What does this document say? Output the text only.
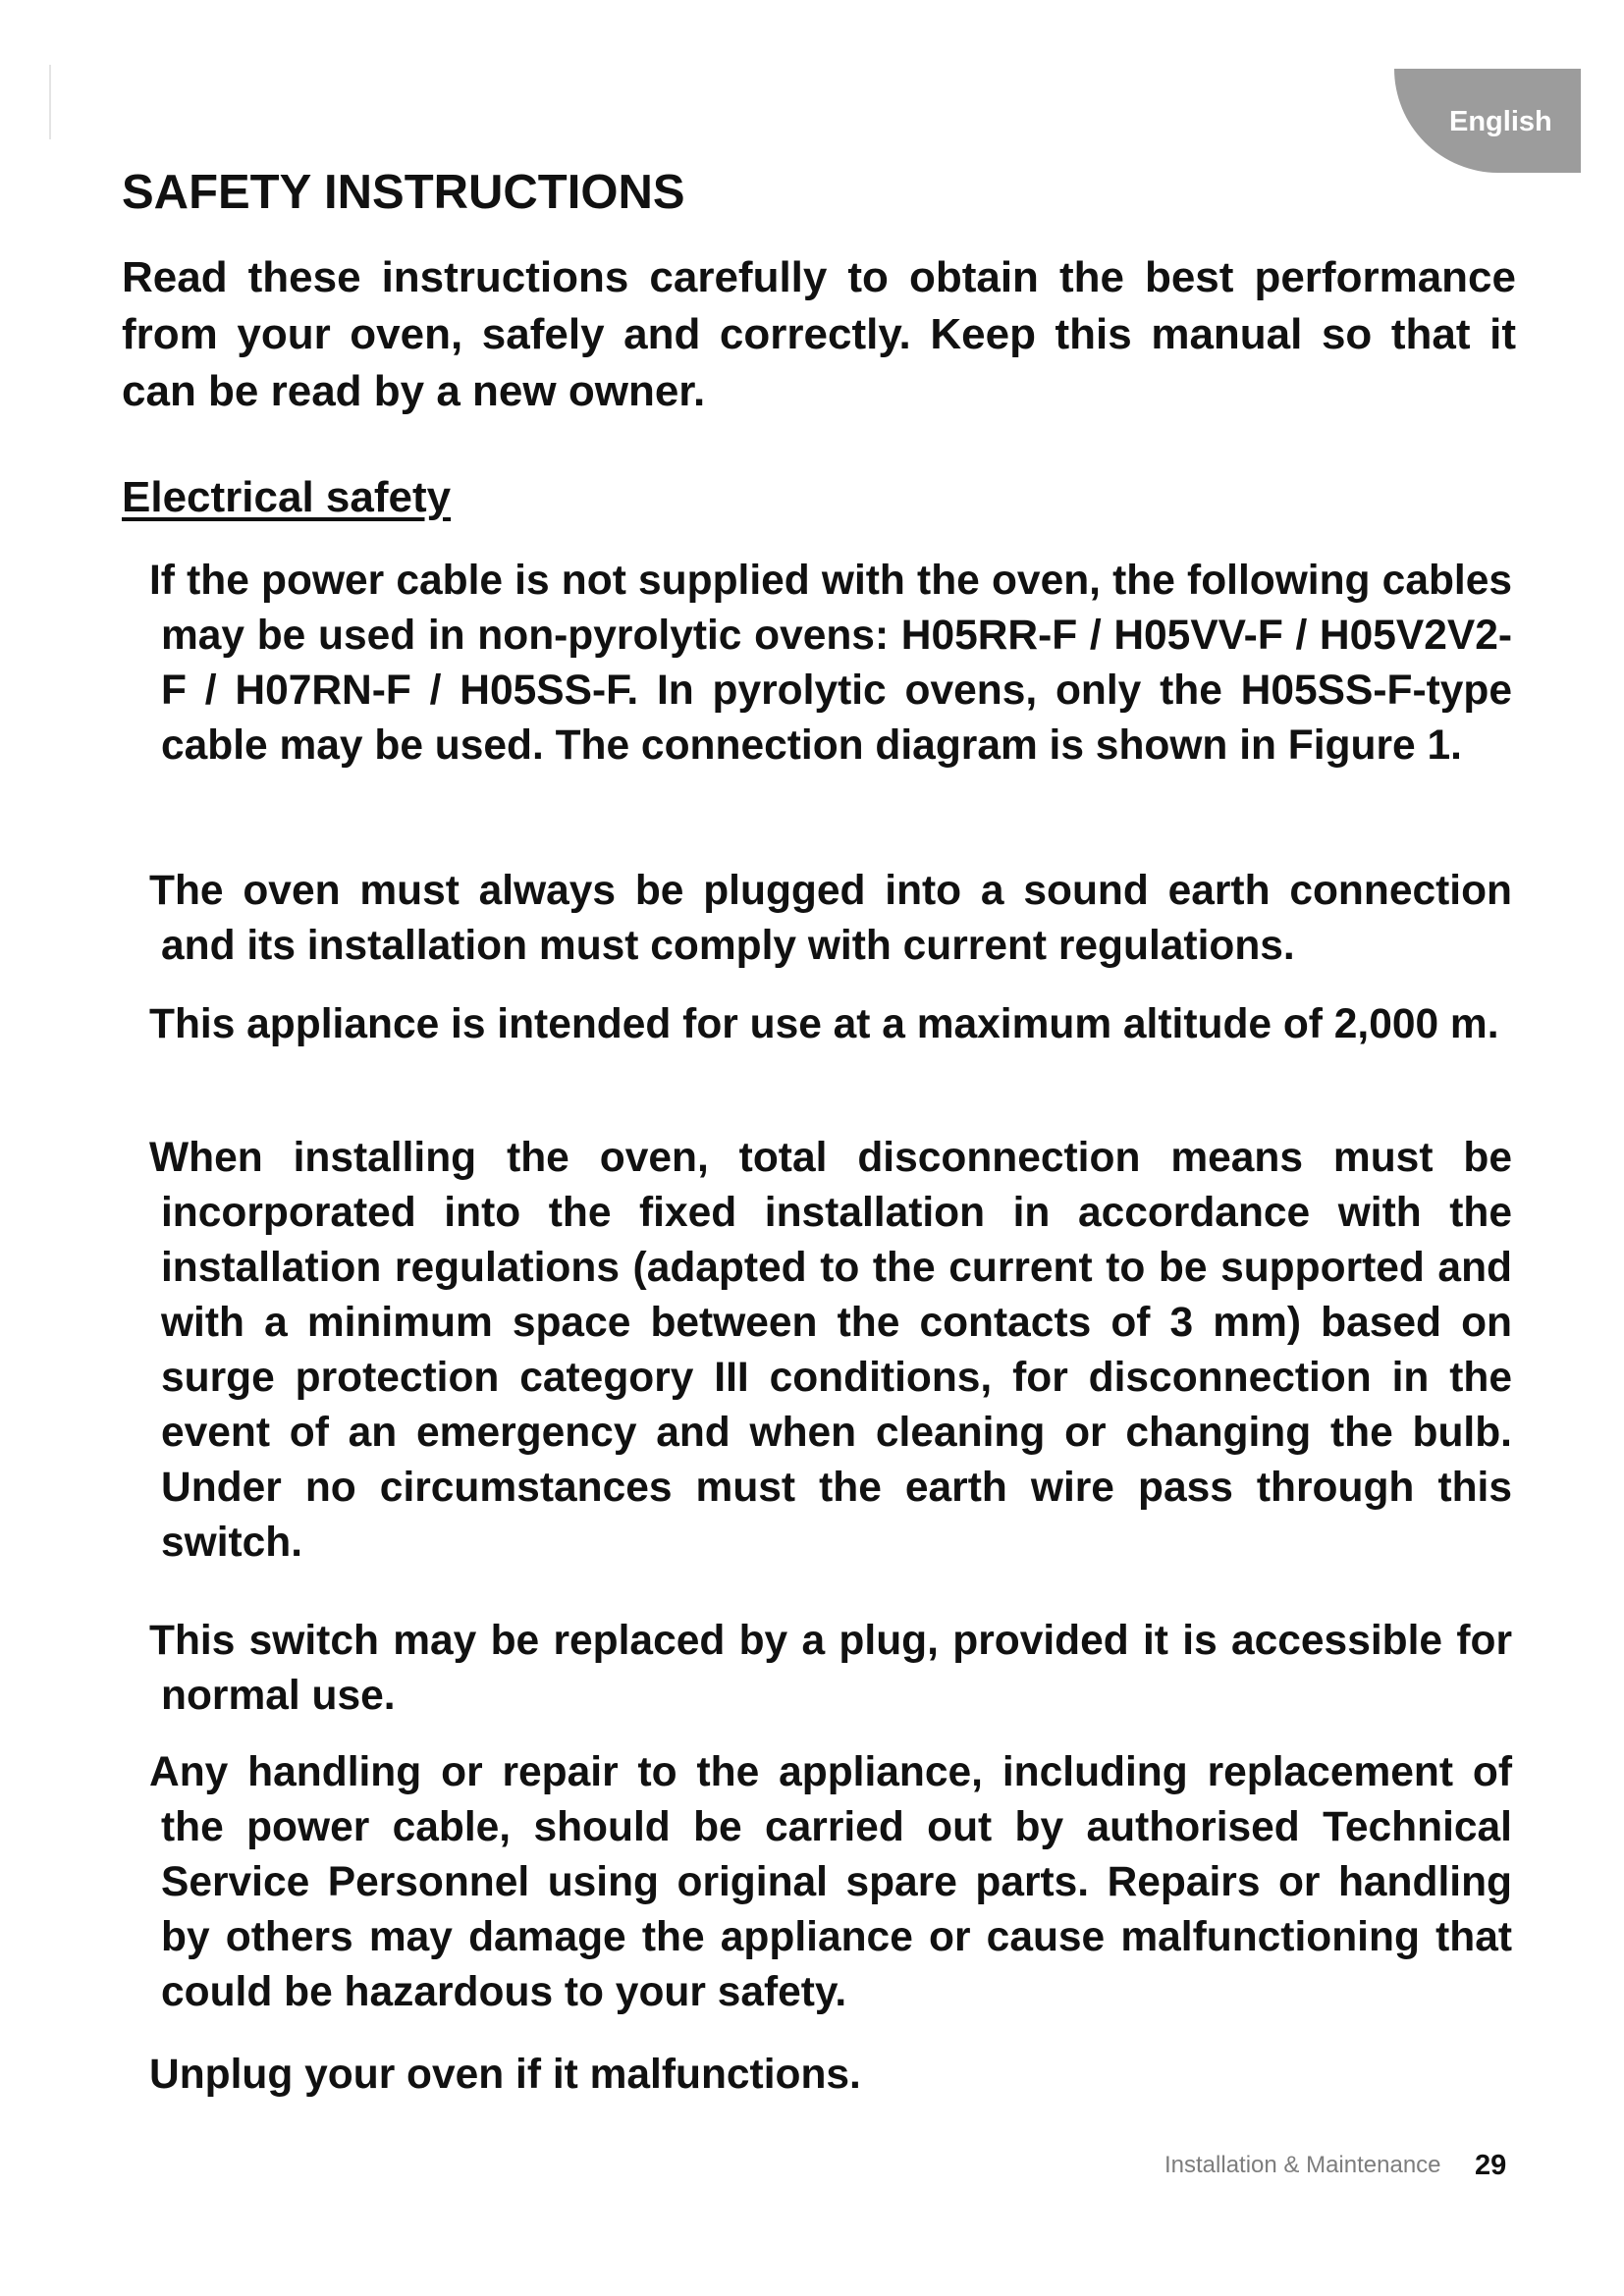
English
SAFETY INSTRUCTIONS

Read these instructions carefully to obtain the best performance from your oven, safely and correctly. Keep this manual so that it can be read by a new owner.

Electrical safety

If the power cable is not supplied with the oven, the following cables may be used in non-pyrolytic ovens: H05RR-F / H05VV-F / H05V2V2-F / H07RN-F / H05SS-F. In pyrolytic ovens, only the H05SS-F-type cable may be used. The connection diagram is shown in Figure 1.

The oven must always be plugged into a sound earth connection and its installation must comply with current regulations.

This appliance is intended for use at a maximum altitude of 2,000 m.

When installing the oven, total disconnection means must be incorporated into the fixed installation in accordance with the installation regulations (adapted to the current to be supported and with a minimum space between the contacts of 3 mm) based on surge protection category III conditions, for disconnection in the event of an emergency and when cleaning or changing the bulb. Under no circumstances must the earth wire pass through this switch.

This switch may be replaced by a plug, provided it is accessible for normal use.

Any handling or repair to the appliance, including replacement of the power cable, should be carried out by authorised Technical Service Personnel using original spare parts. Repairs or handling by others may damage the appliance or cause malfunctioning that could be hazardous to your safety.

Unplug your oven if it malfunctions.

Installation & Maintenance 29
